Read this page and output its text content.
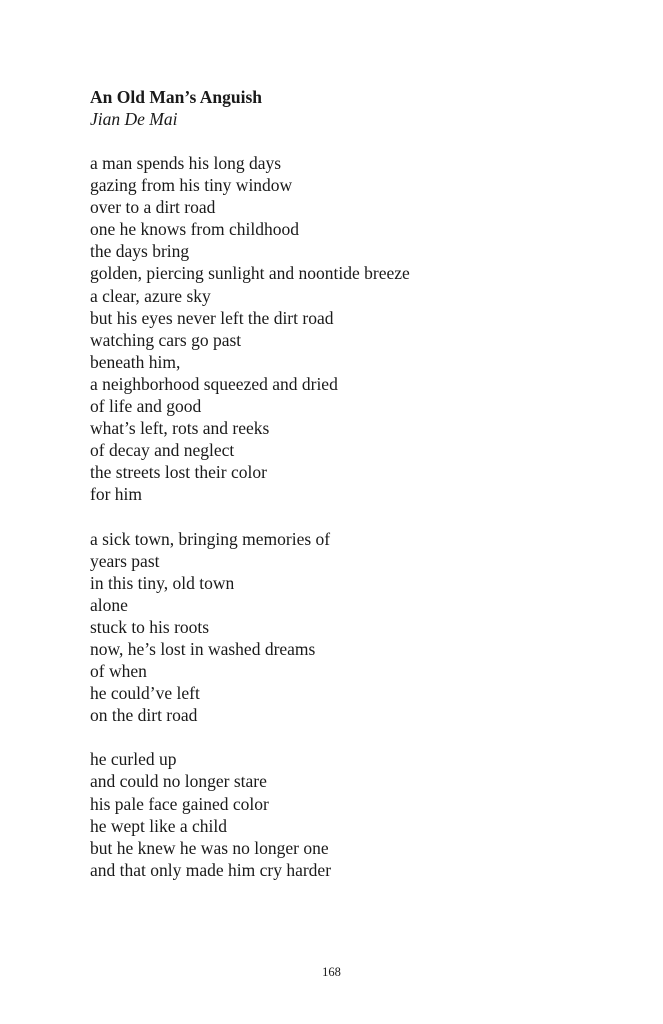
An Old Man’s Anguish
Jian De Mai
a man spends his long days
gazing from his tiny window
over to a dirt road
one he knows from childhood
the days bring
golden, piercing sunlight and noontide breeze
a clear, azure sky
but his eyes never left the dirt road
watching cars go past
beneath him,
a neighborhood squeezed and dried
of life and good
what’s left, rots and reeks
of decay and neglect
the streets lost their color
for him
a sick town, bringing memories of
years past
in this tiny, old town
alone
stuck to his roots
now, he’s lost in washed dreams
of when
he could’ve left
on the dirt road
he curled up
and could no longer stare
his pale face gained color
he wept like a child
but he knew he was no longer one
and that only made him cry harder
168
